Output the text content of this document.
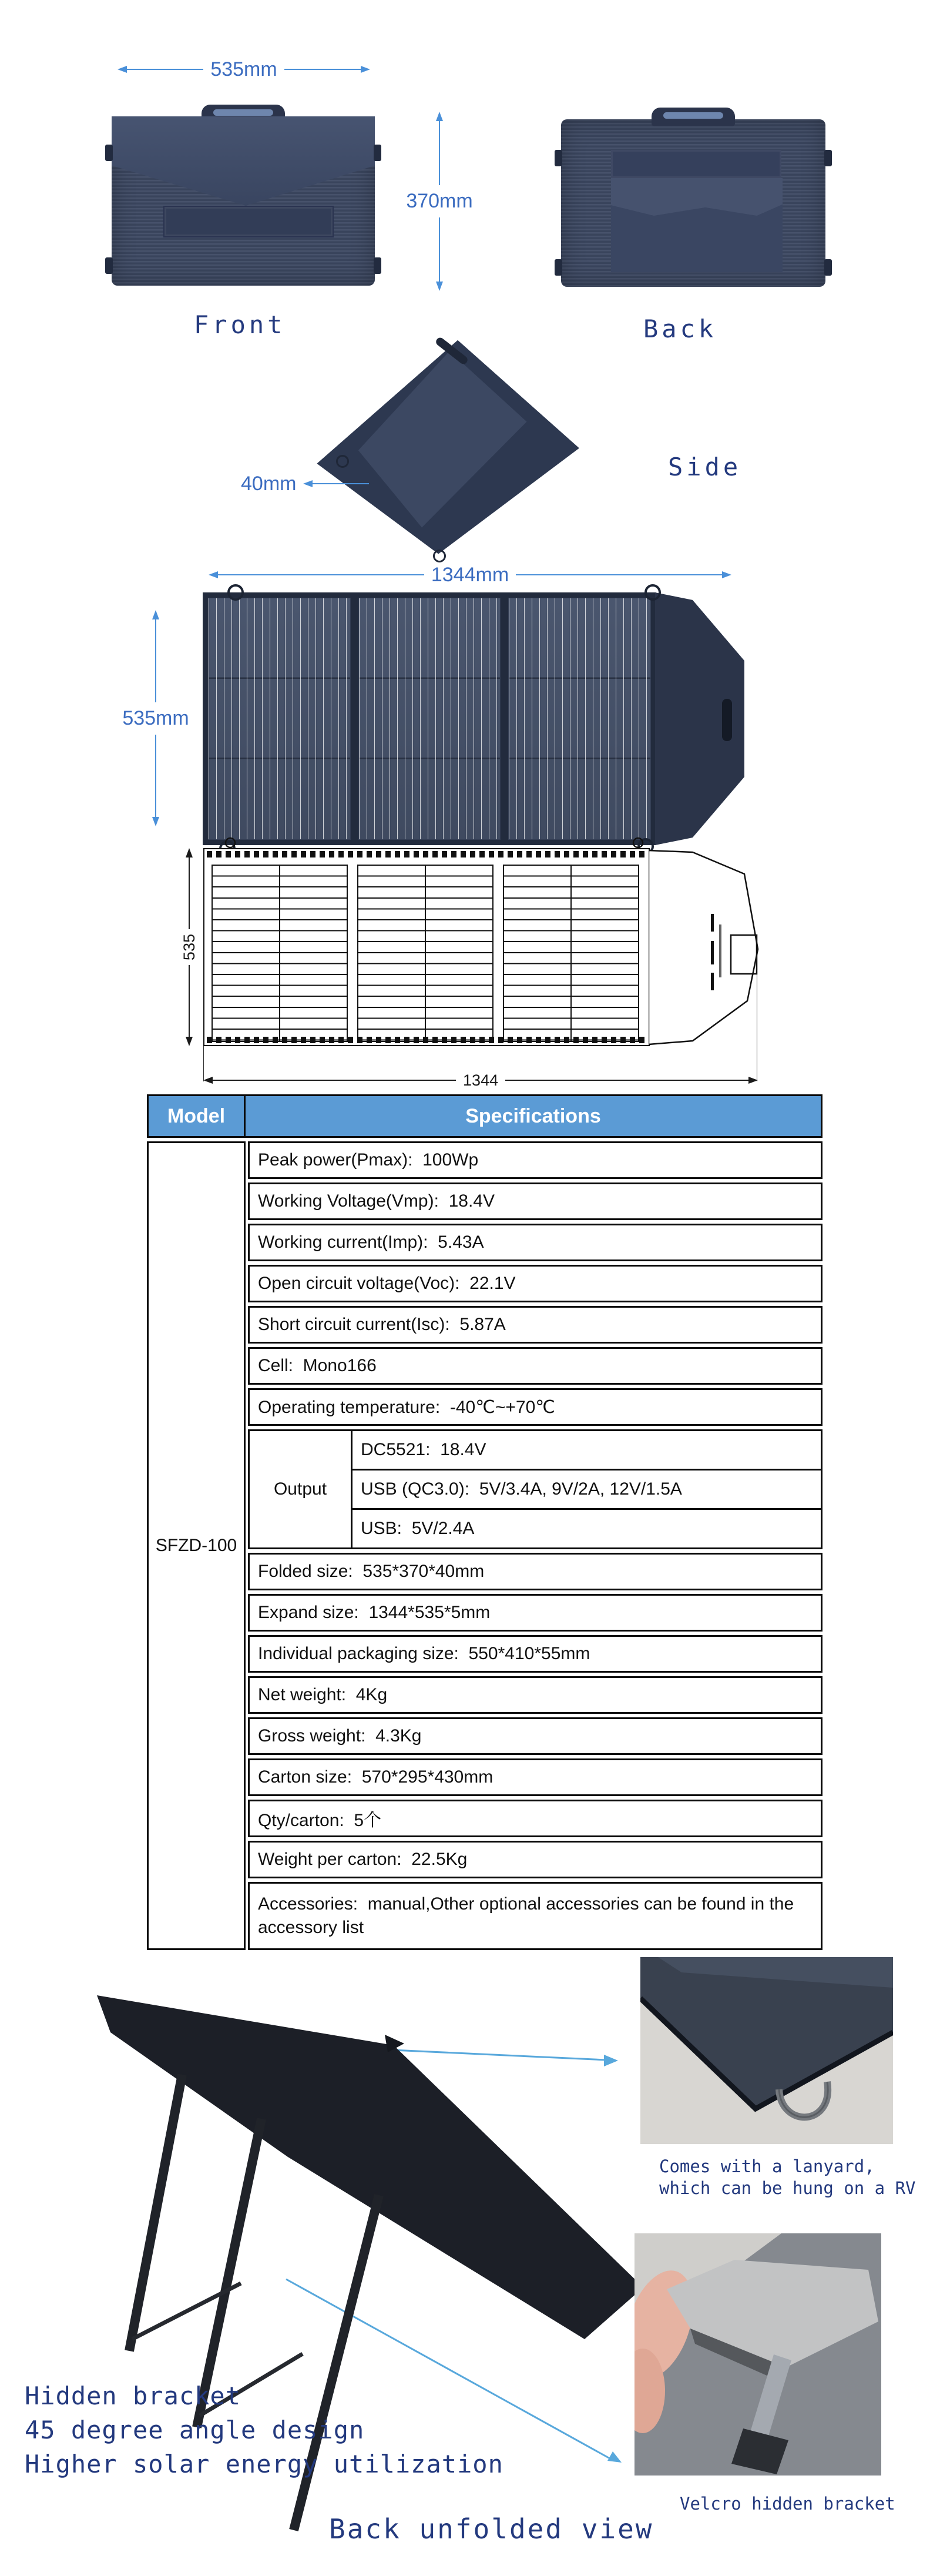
535mm
370mm
Front	Back
40mm
Side
1344mm
535mm
535
1344
Model	Specifications
SFZD-100
Peak power(Pmax):  100Wp
Working Voltage(Vmp):  18.4V
Working current(Imp):  5.43A
Open circuit voltage(Voc):  22.1V
Short circuit current(Isc):  5.87A
Cell:  Mono166
Operating temperature:  -40℃~+70℃
Output
DC5521:  18.4V
USB (QC3.0):  5V/3.4A, 9V/2A, 12V/1.5A
USB:  5V/2.4A
Folded size:  535*370*40mm
Expand size:  1344*535*5mm
Individual packaging size:  550*410*55mm
Net weight:  4Kg
Gross weight:  4.3Kg
Carton size:  570*295*430mm
Qty/carton:  5个
Weight per carton:  22.5Kg
Accessories:  manual,Other optional accessories can be found in the accessory list
Comes with a lanyard,
which can be hung on a RV
Velcro hidden bracket
Hidden bracket
45 degree angle design
Higher solar energy utilization
Back unfolded view
